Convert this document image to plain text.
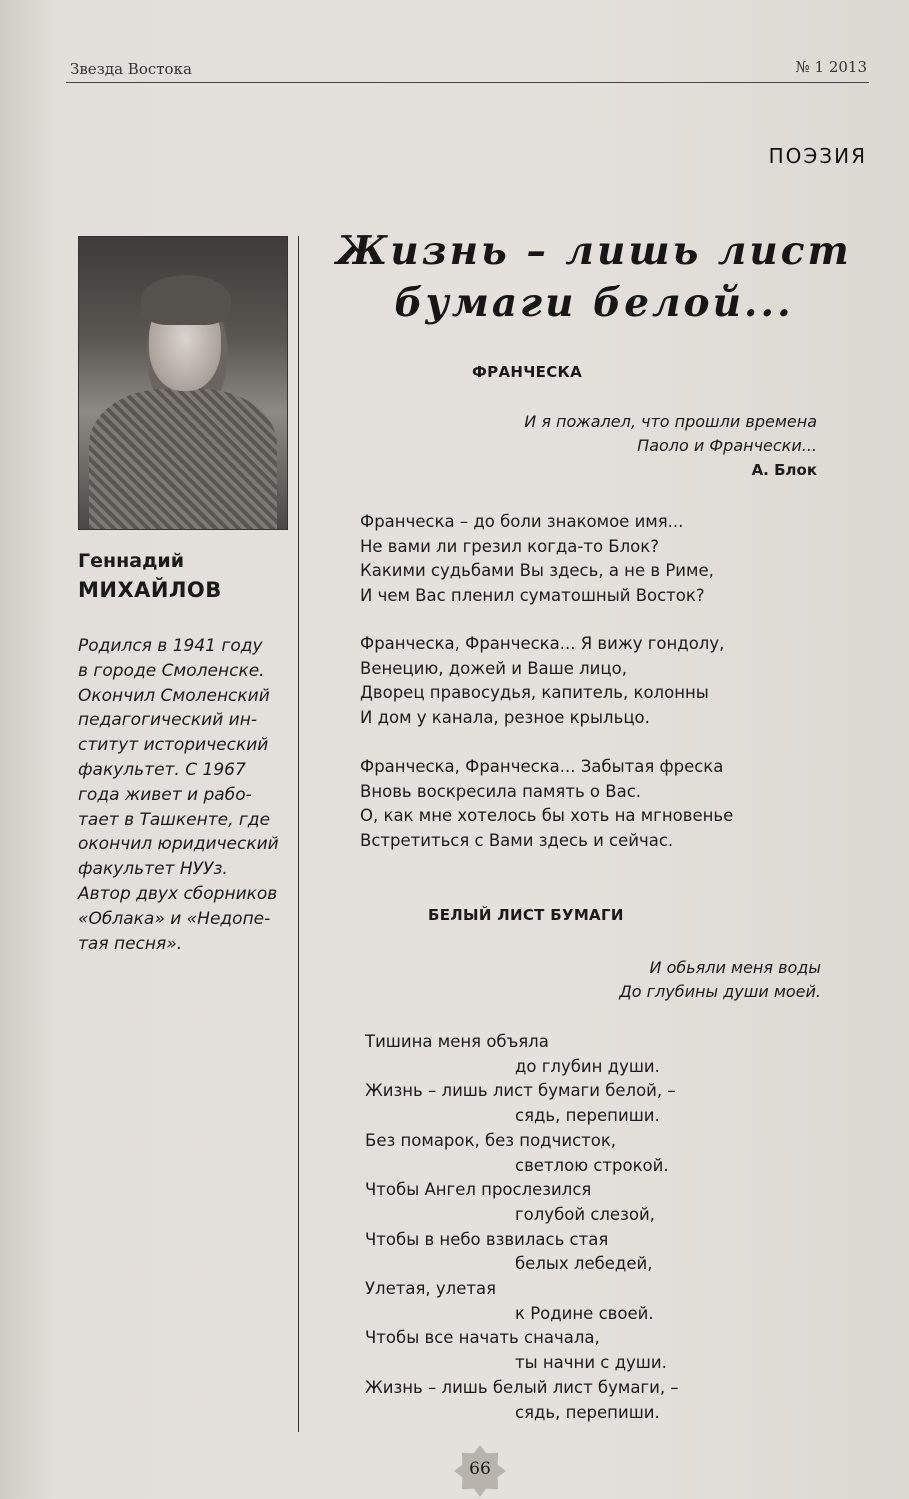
Звезда Востока	№ 1 2013
ПОЭЗИЯ
Геннадий
МИХАЙЛОВ
Родился в 1941 году
в городе Смоленске.
Окончил Смоленский
педагогический ин-
ститут исторический
факультет. С 1967
года живет и рабо-
тает в Ташкенте, где
окончил юридический
факультет НУУз.
Автор двух сборников
«Облака» и «Недопе-
тая песня».
Жизнь – лишь лист
бумаги белой...
ФРАНЧЕСКА
И я пожалел, что прошли времена
Паоло и Франчески...
А. Блок
Франческа – до боли знакомое имя...
Не вами ли грезил когда-то Блок?
Какими судьбами Вы здесь, а не в Риме,
И чем Вас пленил суматошный Восток?
Франческа, Франческа... Я вижу гондолу,
Венецию, дожей и Ваше лицо,
Дворец правосудья, капитель, колонны
И дом у канала, резное крыльцо.
Франческа, Франческа... Забытая фреска
Вновь воскресила память о Вас.
О, как мне хотелось бы хоть на мгновенье
Встретиться с Вами здесь и сейчас.
БЕЛЫЙ ЛИСТ БУМАГИ
И обьяли меня воды
До глубины души моей.
Тишина меня объяла
до глубин души.
Жизнь – лишь лист бумаги белой, –
сядь, перепиши.
Без помарок, без подчисток,
светлою строкой.
Чтобы Ангел прослезился
голубой слезой,
Чтобы в небо взвилась стая
белых лебедей,
Улетая, улетая
к Родине своей.
Чтобы все начать сначала,
ты начни с души.
Жизнь – лишь белый лист бумаги, –
сядь, перепиши.
66
